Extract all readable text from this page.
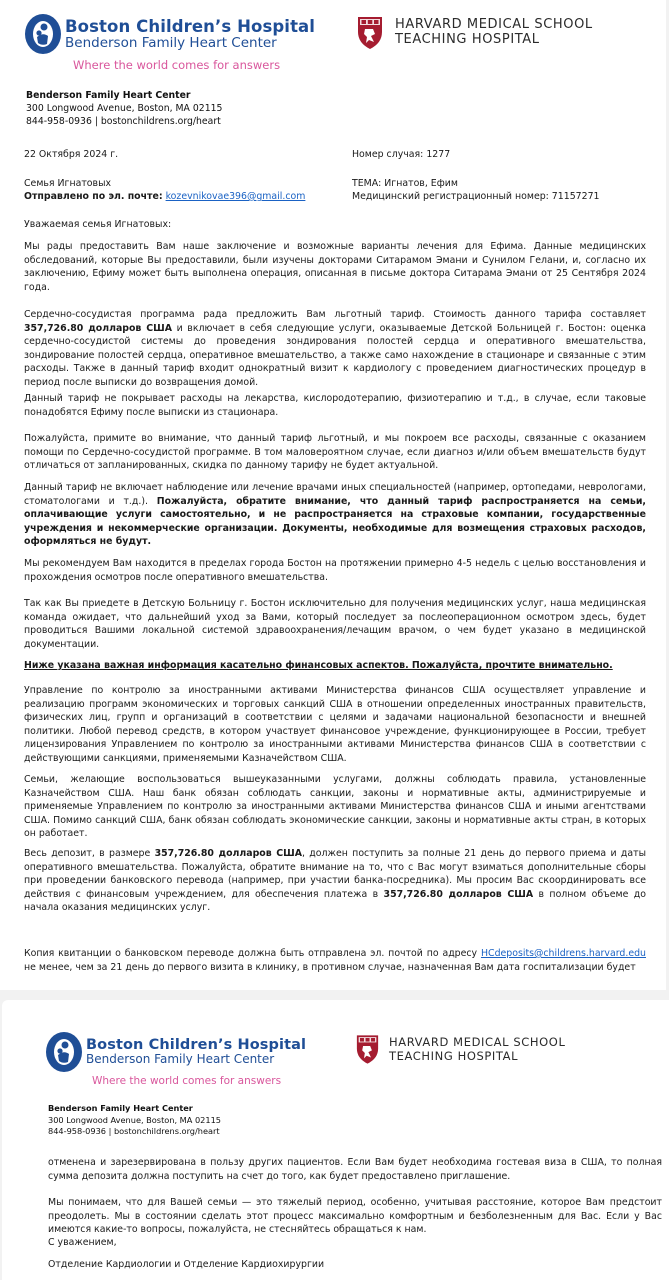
Boston Children’s Hospital
Benderson Family Heart Center
Where the world comes for answers
HARVARD MEDICAL SCHOOL
TEACHING HOSPITAL
Benderson Family Heart Center
300 Longwood Avenue, Boston, MA 02115
844-958-0936 | bostonchildrens.org/heart
22 Октября 2024 г.	Номер случая: 1277
Семья Игнатовых
Отправлено по эл. почте: kozevnikovae396@gmail.com
ТЕМА: Игнатов, Ефим
Медицинский регистрационный номер: 71157271
Уважаемая семья Игнатовых:
Мы рады предоставить Вам наше заключение и возможные варианты лечения для Ефима. Данные медицинских обследований, которые Вы предоставили, были изучены докторами Ситарамом Эмани и Сунилом Гелани, и, согласно их заключению, Ефиму может быть выполнена операция, описанная в письме доктора Ситарама Эмани от 25 Сентября 2024 года.
Сердечно-сосудистая программа рада предложить Вам льготный тариф. Стоимость данного тарифа составляет 357,726.80 долларов США и включает в себя следующие услуги, оказываемые Детской Больницей г. Бостон: оценка сердечно-сосудистой системы до проведения зондирования полостей сердца и оперативного вмешательства, зондирование полостей сердца, оперативное вмешательство, а также само нахождение в стационаре и связанные с этим расходы. Также в данный тариф входит однократный визит к кардиологу с проведением диагностических процедур в период после выписки до возвращения домой.
Данный тариф не покрывает расходы на лекарства, кислородотерапию, физиотерапию и т.д., в случае, если таковые понадобятся Ефиму после выписки из стационара.
Пожалуйста, примите во внимание, что данный тариф льготный, и мы покроем все расходы, связанные с оказанием помощи по Сердечно-сосудистой программе. В том маловероятном случае, если диагноз и/или объем вмешательств будут отличаться от запланированных, скидка по данному тарифу не будет актуальной.
Данный тариф не включает наблюдение или лечение врачами иных специальностей (например, ортопедами, неврологами, стоматологами и т.д.). Пожалуйста, обратите внимание, что данный тариф распространяется на семьи, оплачивающие услуги самостоятельно, и не распространяется на страховые компании, государственные учреждения и некоммерческие организации. Документы, необходимые для возмещения страховых расходов, оформляться не будут.
Мы рекомендуем Вам находится в пределах города Бостон на протяжении примерно 4-5 недель с целью восстановления и прохождения осмотров после оперативного вмешательства.
Так как Вы приедете в Детскую Больницу г. Бостон исключительно для получения медицинских услуг, наша медицинская команда ожидает, что дальнейший уход за Вами, который последует за послеоперационном осмотром здесь, будет проводиться Вашими локальной системой здравоохранения/лечащим врачом, о чем будет указано в медицинской документации.
Ниже указана важная информация касательно финансовых аспектов. Пожалуйста, прочтите внимательно.
Управление по контролю за иностранными активами Министерства финансов США осуществляет управление и реализацию программ экономических и торговых санкций США в отношении определенных иностранных правительств, физических лиц, групп и организаций в соответствии с целями и задачами национальной безопасности и внешней политики. Любой перевод средств, в котором участвует финансовое учреждение, функционирующее в России, требует лицензирования Управлением по контролю за иностранными активами Министерства финансов США в соответствии с действующими санкциями, применяемыми Казначейством США.
Семьи, желающие воспользоваться вышеуказанными услугами, должны соблюдать правила, установленные Казначейством США. Наш банк обязан соблюдать санкции, законы и нормативные акты, администрируемые и применяемые Управлением по контролю за иностранными активами Министерства финансов США и иными агентствами США. Помимо санкций США, банк обязан соблюдать экономические санкции, законы и нормативные акты стран, в которых он работает.
Весь депозит, в размере 357,726.80 долларов США, должен поступить за полные 21 день до первого приема и даты оперативного вмешательства. Пожалуйста, обратите внимание на то, что с Вас могут взиматься дополнительные сборы при проведении банковского перевода (например, при участии банка-посредника). Мы просим Вас скоординировать все действия с финансовым учреждением, для обеспечения платежа в 357,726.80 долларов США в полном объеме до начала оказания медицинских услуг.
Копия квитанции о банковском переводе должна быть отправлена эл. почтой по адресу HCdeposits@childrens.harvard.edu не менее, чем за 21 день до первого визита в клинику, в противном случае, назначенная Вам дата госпитализации будет
Boston Children’s Hospital
Benderson Family Heart Center
Where the world comes for answers
HARVARD MEDICAL SCHOOL
TEACHING HOSPITAL
Benderson Family Heart Center
300 Longwood Avenue, Boston, MA 02115
844-958-0936 | bostonchildrens.org/heart
отменена и зарезервирована в пользу других пациентов. Если Вам будет необходима гостевая виза в США, то полная сумма депозита должна поступить на счет до того, как будет предоставлено приглашение.
Мы понимаем, что для Вашей семьи — это тяжелый период, особенно, учитывая расстояние, которое Вам предстоит преодолеть. Мы в состоянии сделать этот процесс максимально комфортным и безболезненным для Вас. Если у Вас имеются какие-то вопросы, пожалуйста, не стесняйтесь обращаться к нам.
С уважением,
Отделение Кардиологии и Отделение Кардиохирургии
